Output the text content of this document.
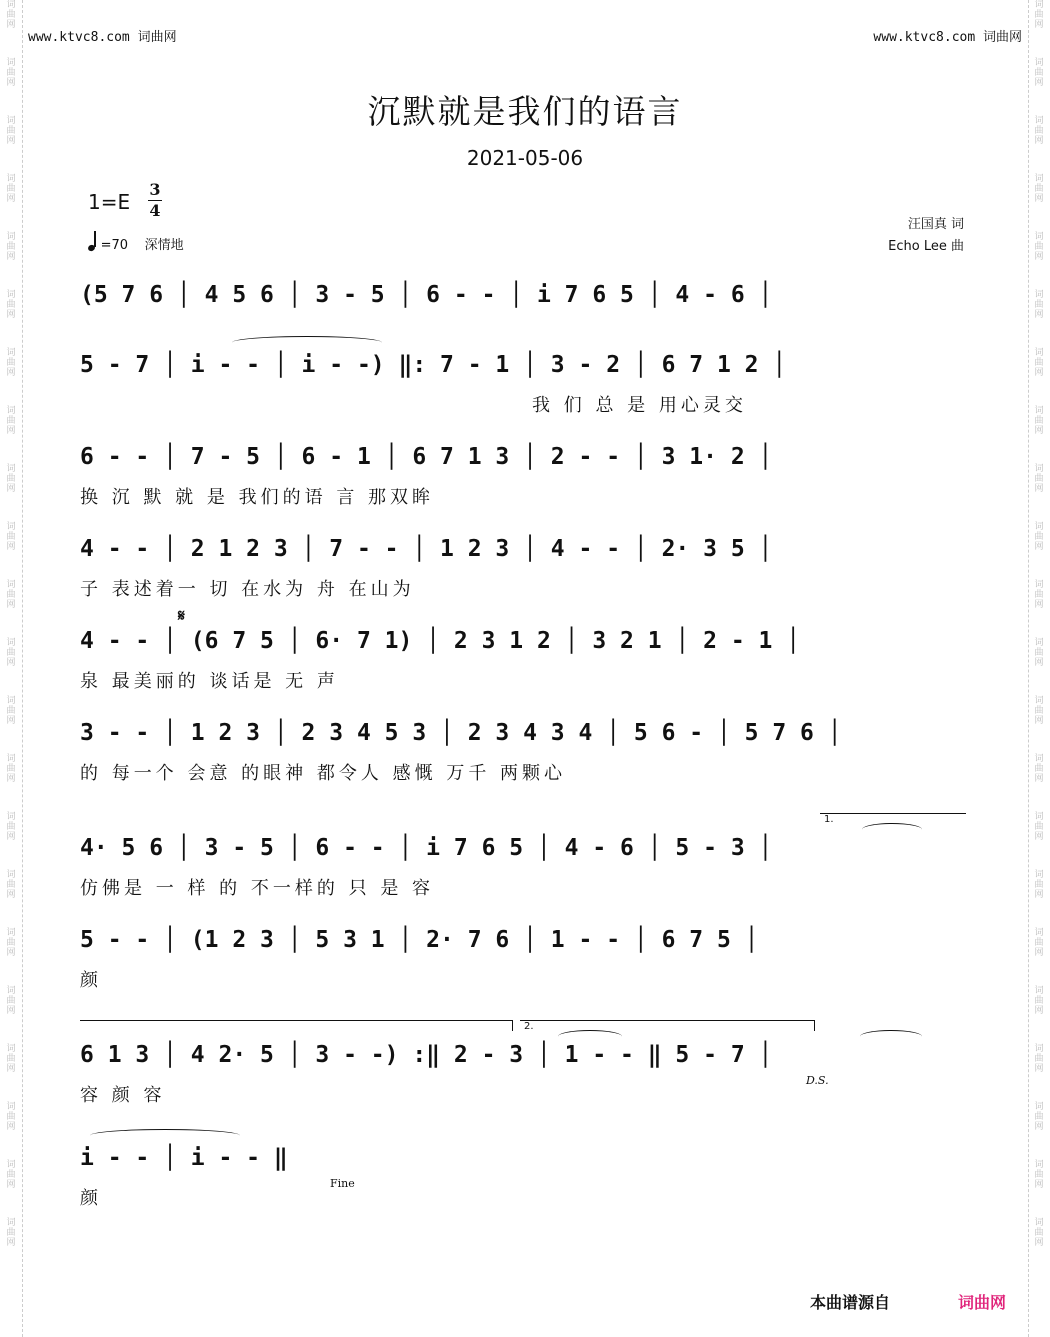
词
曲
网
词
曲
网
词
曲
网
词
曲
网
词
曲
网
词
曲
网
词
曲
网
词
曲
网
词
曲
网
词
曲
网
词
曲
网
词
曲
网
词
曲
网
词
曲
网
词
曲
网
词
曲
网
词
曲
网
词
曲
网
词
曲
网
词
曲
网
词
曲
网
词
曲
网
词
曲
网
词
曲
网
词
曲
网
词
曲
网
词
曲
网
词
曲
网
词
曲
网
词
曲
网
词
曲
网
词
曲
网
词
曲
网
词
曲
网
词
曲
网
词
曲
网
词
曲
网
词
曲
网
词
曲
网
词
曲
网
词
曲
网
词
曲
网
词
曲
网
词
曲
网
www.ktvc8.com 词曲网	www.ktvc8.com 词曲网
沉默就是我们的语言
2021-05-06
1=E
3
4
=70 深情地
汪国真 词
Echo Lee 曲
(5 7 6 │ 4 5 6 │ 3 - 5 │ 6 - - │ i 7 6 5 │ 4 - 6 │
5 - 7 │ i - - │ i - -) ‖: 7 - 1 │ 3 - 2 │ 6 7 1 2 │
我 们 总 是 用心灵交
6 - - │ 7 - 5 │ 6 - 1 │ 6 7 1 3 │ 2 - - │ 3 1· 2 │
换 沉 默 就 是 我们的语 言 那双眸
4 - - │ 2 1 2 3 │ 7 - - │ 1 2 3 │ 4 - - │ 2· 3 5 │
子 表述着一 切 在水为 舟 在山为
𝄋
4 - - │ (6 7 5 │ 6· 7 1) │ 2 3 1 2 │ 3 2 1 │ 2 - 1 │
泉 最美丽的 谈话是 无 声
3 - - │ 1 2 3 │ 2 3 4 5 3 │ 2 3 4 3 4 │ 5 6 - │ 5 7 6 │
的 每一个 会意 的眼神 都令人 感慨 万千 两颗心
1.
4· 5 6 │ 3 - 5 │ 6 - - │ i 7 6 5 │ 4 - 6 │ 5 - 3 │
仿佛是 一 样 的 不一样的 只 是 容
5 - - │ (1 2 3 │ 5 3 1 │ 2· 7 6 │ 1 - - │ 6 7 5 │
颜
2.
D.S.
6 1 3 │ 4 2· 5 │ 3 - -) :‖ 2 - 3 │ 1 - - ‖ 5 - 7 │
容 颜 容
Fine
i - - │ i - - ‖
颜
本曲谱源自	词曲网
